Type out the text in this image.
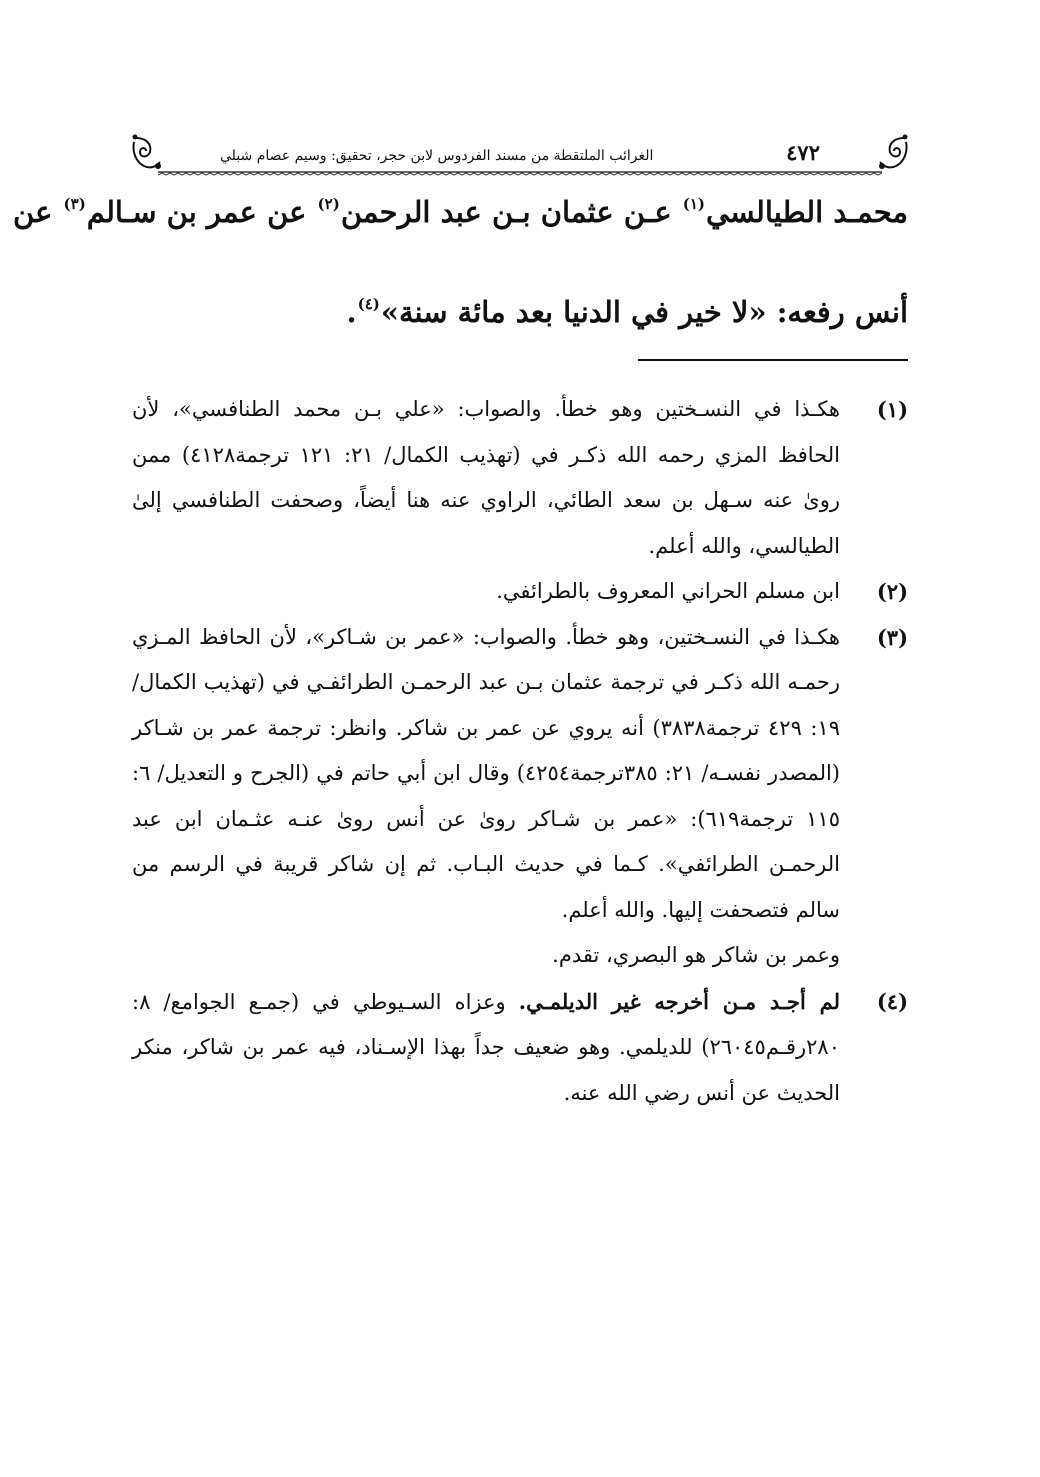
٤٧٢
الغرائب الملتقطة من مسند الفردوس لابن حجر، تحقيق: وسيم عصام شبلي
محمـد الطيالسي$^{(١)}$ عـن عثمان بـن عبد الرحمن$^{(٢)}$ عن عمر بن سـالم$^{(٣)}$ عن
أنس رفعه: «لا خير في الدنيا بعد مائة سنة»$^{(٤)}$.
(١)
هكـذا في النسـختين وهو خطأ. والصواب: «علي بـن محمد الطنافسي»، لأن الحافظ المزي رحمه الله ذكـر في (تهذيب الكمال/ ٢١: ١٢١ ترجمة٤١٢٨) ممن روىٰ عنه سـهل بن سعد الطائي، الراوي عنه هنا أيضاً، وصحفت الطنافسي إلىٰ الطيالسي، والله أعلم.
(٢)
ابن مسلم الحراني المعروف بالطرائفي.
(٣)
هكـذا في النسـختين، وهو خطأ. والصواب: «عمر بن شـاكر»، لأن الحافظ المـزي رحمـه الله ذكـر في ترجمة عثمان بـن عبد الرحمـن الطرائفـي في (تهذيب الكمال/ ١٩: ٤٢٩ ترجمة٣٨٣٨) أنه يروي عن عمر بن شاكر. وانظر: ترجمة عمر بن شـاكر (المصدر نفسـه/ ٢١: ٣٨٥ترجمة٤٢٥٤) وقال ابن أبي حاتم في (الجرح و التعديل/ ٦: ١١٥ ترجمة٦١٩): «عمر بن شـاكر روىٰ عن أنس روىٰ عنـه عثـمان ابن عبد الرحمـن الطرائفي». كـما في حديث البـاب. ثم إن شاكر قريبة في الرسم من سالم فتصحفت إليها. والله أعلم.
وعمر بن شاكر هو البصري، تقدم.
(٤)
لم أجـد مـن أخرجه غير الديلمـي. وعزاه السـيوطي في (جمـع الجوامع/ ٨: ٢٨٠رقـم٢٦٠٤٥) للديلمي. وهو ضعيف جداً بهذا الإسـناد، فيه عمر بن شاكر، منكر الحديث عن أنس رضي الله عنه.
